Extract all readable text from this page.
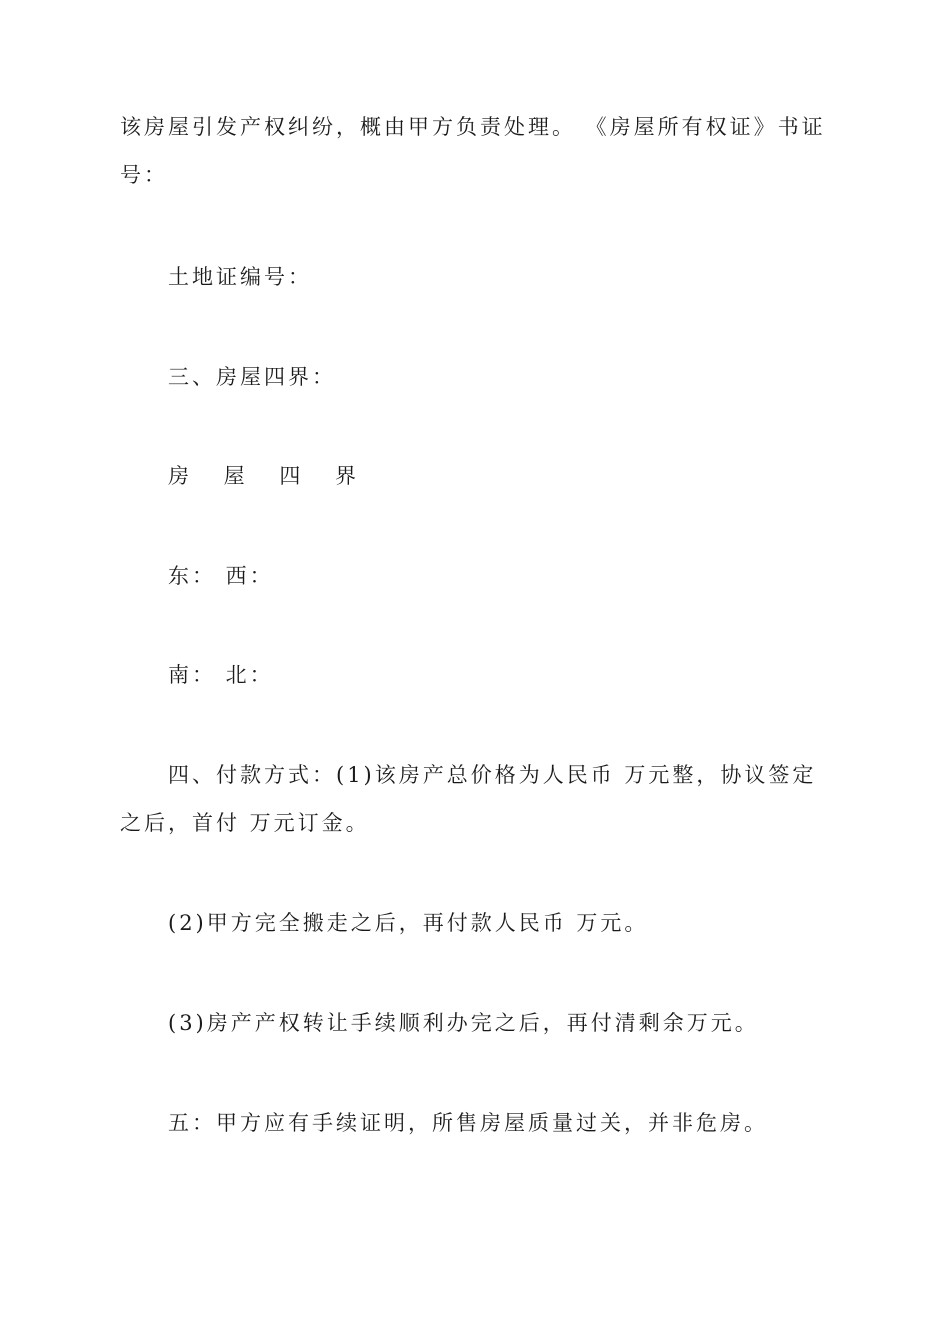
该房屋引发产权纠纷，概由甲方负责处理。 《房屋所有权证》书证
号：
土地证编号：
三、房屋四界：
房 屋 四 界
东： 西：
南： 北：
四、付款方式：(1)该房产总价格为人民币 万元整，协议签定
之后，首付 万元订金。
(2)甲方完全搬走之后，再付款人民币 万元。
(3)房产产权转让手续顺利办完之后，再付清剩余万元。
五：甲方应有手续证明，所售房屋质量过关，并非危房。
